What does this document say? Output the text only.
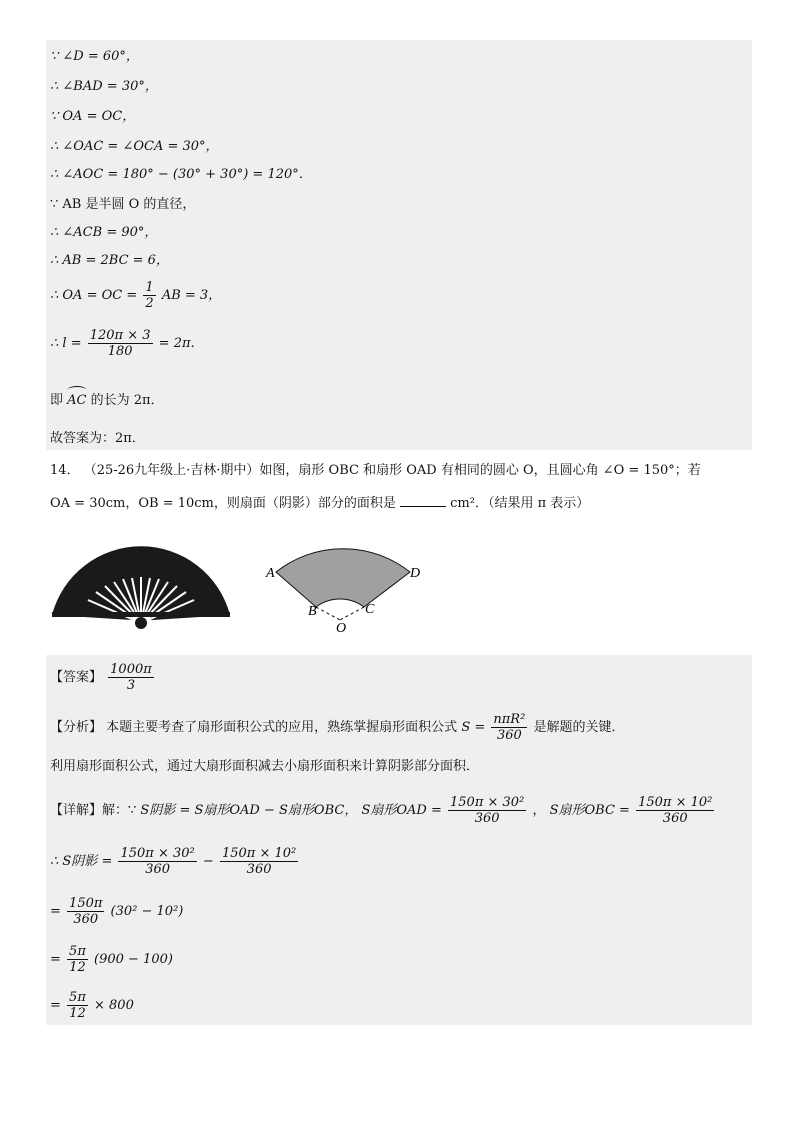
∵ ∠D = 60°，
∴ ∠BAD = 30°，
∵ OA = OC，
∴ ∠OAC = ∠OCA = 30°，
∴ ∠AOC = 180° − (30° + 30°) = 120°．
∵ AB 是半圆 O 的直径，
∴ ∠ACB = 90°，
∴ AB = 2BC = 6，
∴ OA = OC = $\frac{1}{2}$ AB = 3，
∴ $l = \frac{120\pi \times 3}{180} = 2\pi$．
即 AC 的长为 2π．
故答案为：2π．
14． （25-26九年级上·吉林·期中）如图，扇形 OBC 和扇形 OAD 有相同的圆心 O，且圆心角 ∠O = 150°；若
OA = 30cm，OB = 10cm，则扇面（阴影）部分的面积是	cm²．（结果用 π 表示）
A	D
B	C
O
【答案】 $\frac{1000\pi}{3}$
【分析】 本题主要考查了扇形面积公式的应用，熟练掌握扇形面积公式 $S = \frac{\text{nπR²}}{360}$ 是解题的关键．
利用扇形面积公式，通过大扇形面积减去小扇形面积来计算阴影部分面积．
【详解】解：∵ S阴影 = S扇形OAD − S扇形OBC， S扇形OAD = $\frac{\text{150π × 30²}}{360}$ ， S扇形OBC = $\frac{\text{150π × 10²}}{360}$
∴ S阴影 = $\frac{\text{150π × 30²}}{360} - \frac{\text{150π × 10²}}{360}$
= $\frac{150\pi}{360} (30^2 - 10^2)$
= $\frac{5\pi}{12} (900 - 100)$
= $\frac{5\pi}{12} \times 800$
